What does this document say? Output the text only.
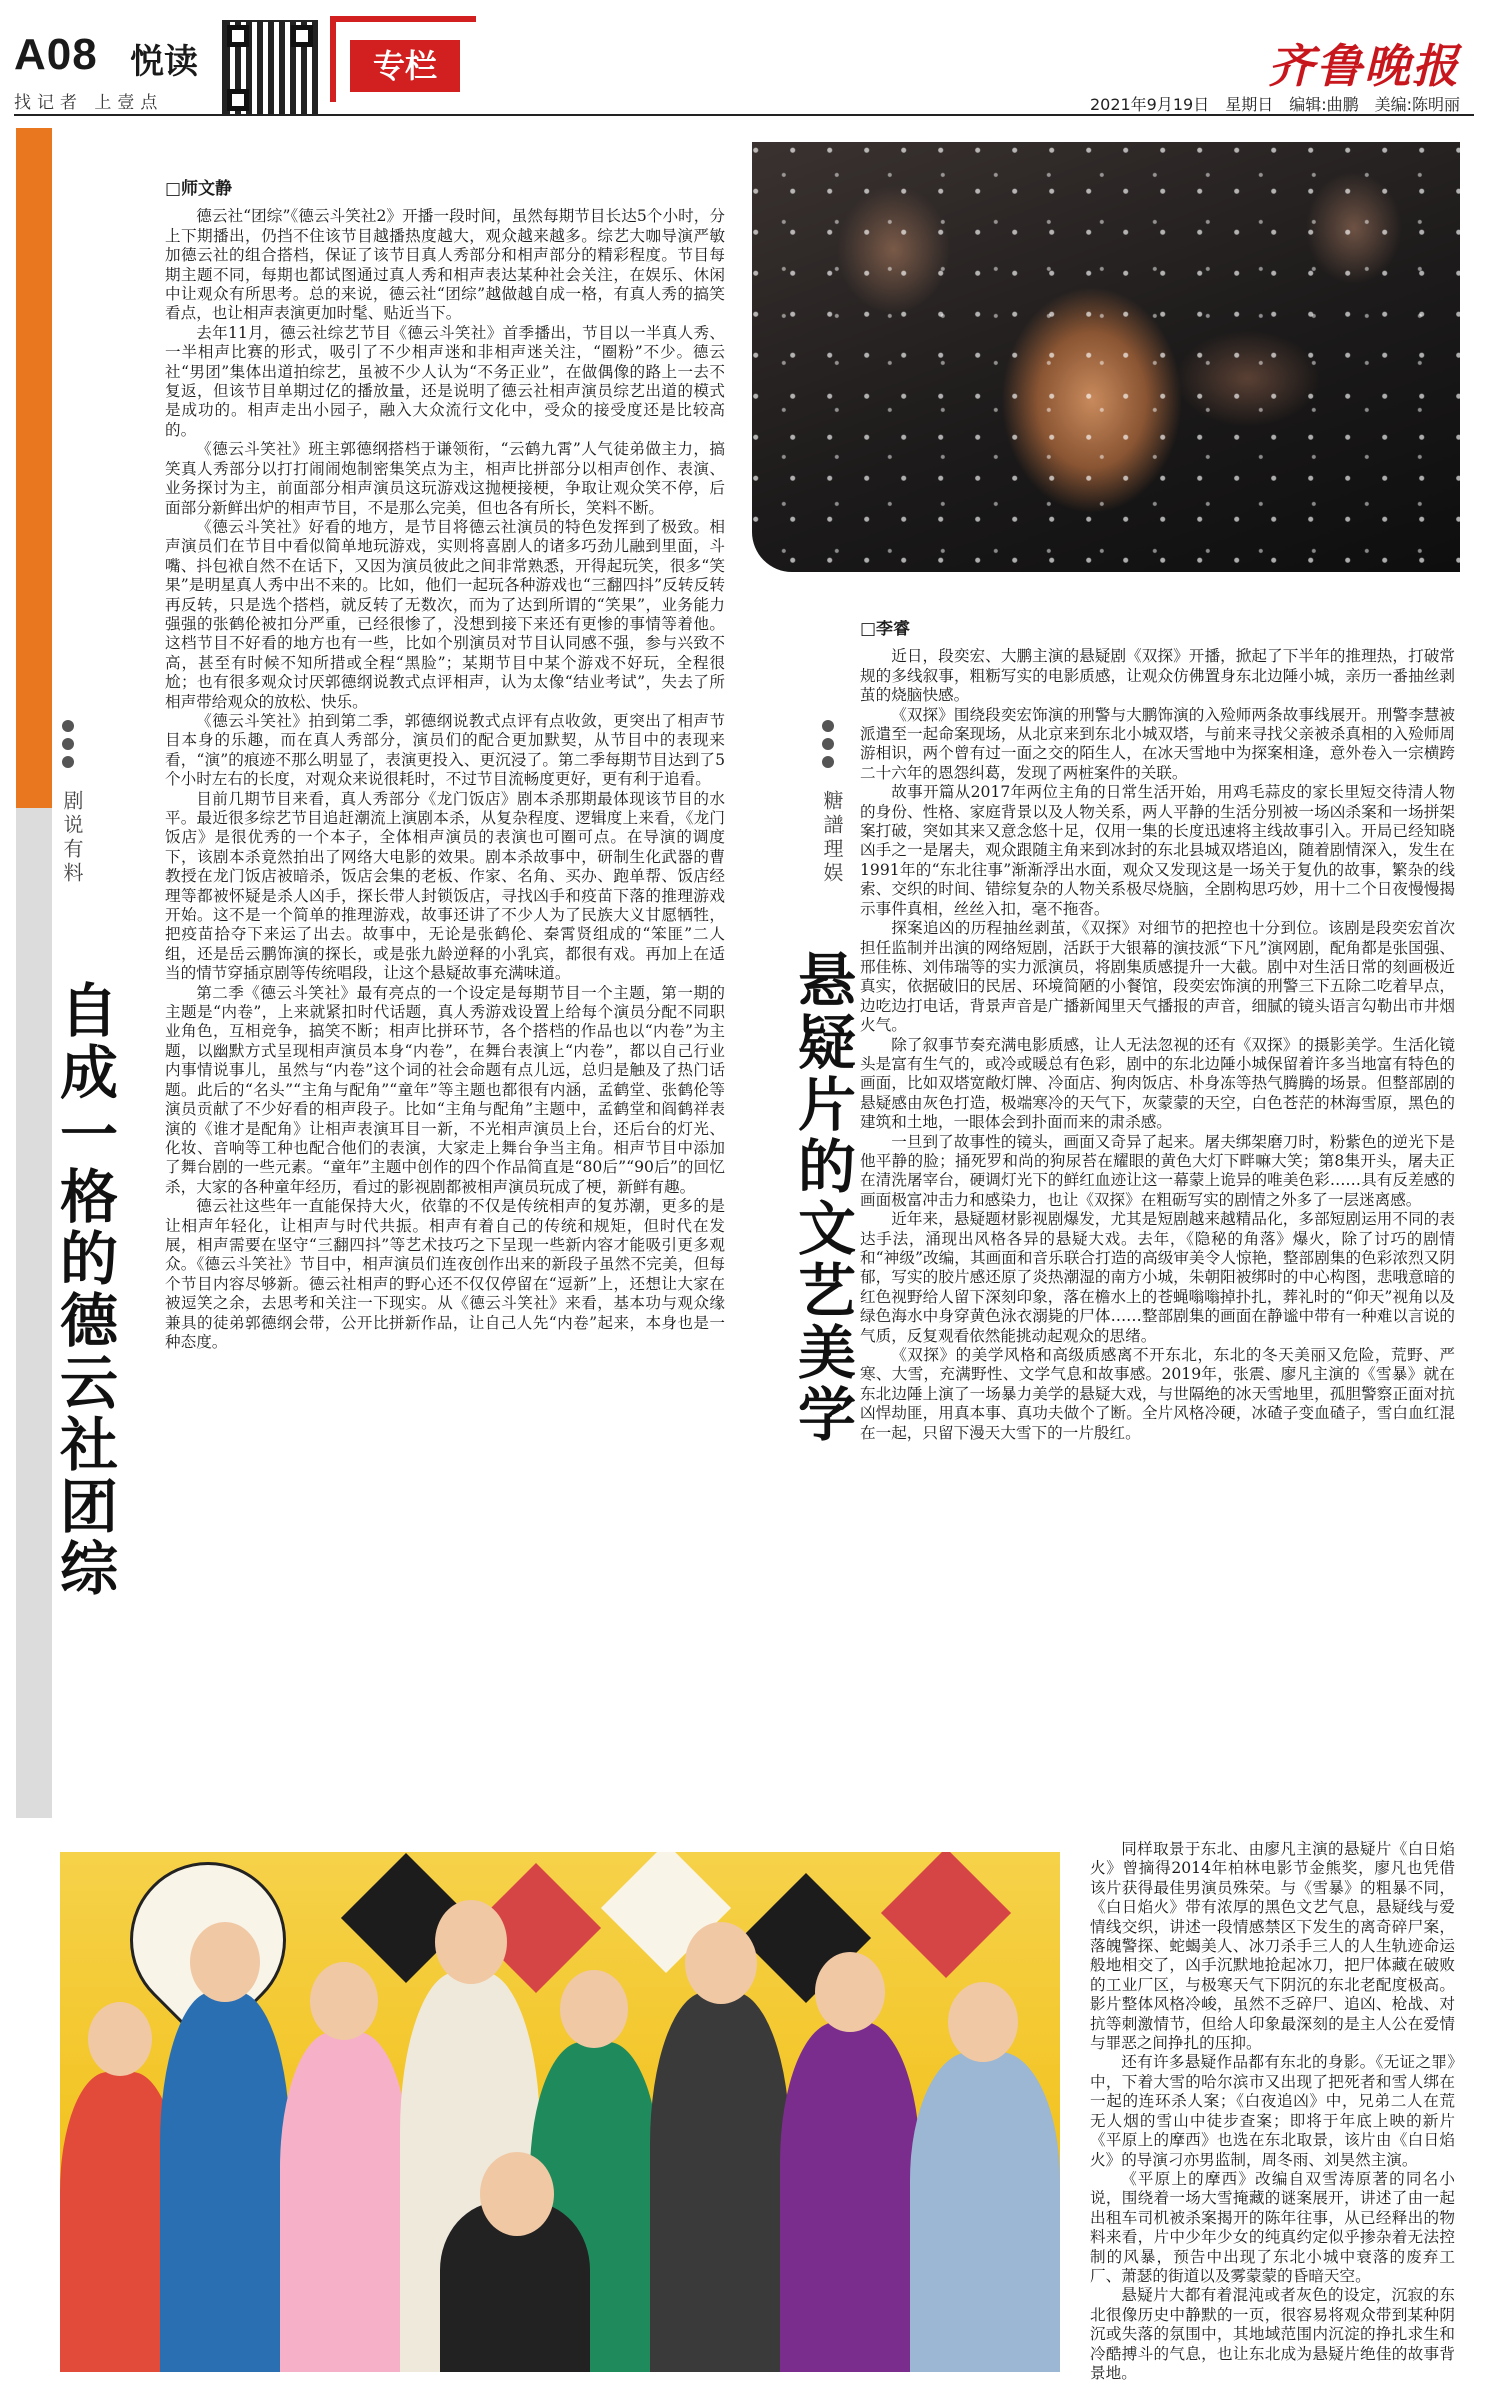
A08 悦读
找记者 上壹点
专栏	齐鲁晚报
2021年9月19日　星期日　编辑:曲鹏　美编:陈明丽
剧说有料
自成一格的德云社团综

□师文静

德云社“团综”《德云斗笑社2》开播一段时间，虽然每期节目长达5个小时，分上下期播出，仍挡不住该节目越播热度越大，观众越来越多。综艺大咖导演严敏加德云社的组合搭档，保证了该节目真人秀部分和相声部分的精彩程度。节目每期主题不同，每期也都试图通过真人秀和相声表达某种社会关注，在娱乐、休闲中让观众有所思考。总的来说，德云社“团综”越做越自成一格，有真人秀的搞笑看点，也让相声表演更加时髦、贴近当下。

去年11月，德云社综艺节目《德云斗笑社》首季播出，节目以一半真人秀、一半相声比赛的形式，吸引了不少相声迷和非相声迷关注，“圈粉”不少。德云社“男团”集体出道拍综艺，虽被不少人认为“不务正业”，在做偶像的路上一去不复返，但该节目单期过亿的播放量，还是说明了德云社相声演员综艺出道的模式是成功的。相声走出小园子，融入大众流行文化中，受众的接受度还是比较高的。

《德云斗笑社》班主郭德纲搭档于谦领衔，“云鹤九霄”人气徒弟做主力，搞笑真人秀部分以打打闹闹炮制密集笑点为主，相声比拼部分以相声创作、表演、业务探讨为主，前面部分相声演员这玩游戏这抛梗接梗，争取让观众笑不停，后面部分新鲜出炉的相声节目，不是那么完美，但也各有所长，笑料不断。

《德云斗笑社》好看的地方，是节目将德云社演员的特色发挥到了极致。相声演员们在节目中看似简单地玩游戏，实则将喜剧人的诸多巧劲儿融到里面，斗嘴、抖包袱自然不在话下，又因为演员彼此之间非常熟悉，开得起玩笑，很多“笑果”是明星真人秀中出不来的。比如，他们一起玩各种游戏也“三翻四抖”反转反转再反转，只是选个搭档，就反转了无数次，而为了达到所谓的“笑果”，业务能力强强的张鹤伦被扣分严重，已经很惨了，没想到接下来还有更惨的事情等着他。这档节目不好看的地方也有一些，比如个别演员对节目认同感不强，参与兴致不高，甚至有时候不知所措或全程“黑脸”；某期节目中某个游戏不好玩，全程很尬；也有很多观众讨厌郭德纲说教式点评相声，认为太像“结业考试”，失去了所相声带给观众的放松、快乐。

《德云斗笑社》拍到第二季，郭德纲说教式点评有点收敛，更突出了相声节目本身的乐趣，而在真人秀部分，演员们的配合更加默契，从节目中的表现来看，“演”的痕迹不那么明显了，表演更投入、更沉浸了。第二季每期节目达到了5个小时左右的长度，对观众来说很耗时，不过节目流畅度更好，更有利于追看。

目前几期节目来看，真人秀部分《龙门饭店》剧本杀那期最体现该节目的水平。最近很多综艺节目追赶潮流上演剧本杀，从复杂程度、逻辑度上来看，《龙门饭店》是很优秀的一个本子，全体相声演员的表演也可圈可点。在导演的调度下，该剧本杀竟然拍出了网络大电影的效果。剧本杀故事中，研制生化武器的曹教授在龙门饭店被暗杀，饭店会集的老板、作家、名角、买办、跑单帮、饭店经理等都被怀疑是杀人凶手，探长带人封锁饭店，寻找凶手和疫苗下落的推理游戏开始。这不是一个简单的推理游戏，故事还讲了不少人为了民族大义甘愿牺牲，把疫苗拾夺下来运了出去。故事中，无论是张鹤伦、秦霄贤组成的“笨匪”二人组，还是岳云鹏饰演的探长，或是张九龄逆释的小乳宾，都很有戏。再加上在适当的情节穿插京剧等传统唱段，让这个悬疑故事充满味道。

第二季《德云斗笑社》最有亮点的一个设定是每期节目一个主题，第一期的主题是“内卷”，上来就紧扣时代话题，真人秀游戏设置上给每个演员分配不同职业角色，互相竞争，搞笑不断；相声比拼环节，各个搭档的作品也以“内卷”为主题，以幽默方式呈现相声演员本身“内卷”，在舞台表演上“内卷”，都以自己行业内事情说事儿，虽然与“内卷”这个词的社会命题有点儿远，总归是触及了热门话题。此后的“名头”“主角与配角”“童年”等主题也都很有内涵，孟鹤堂、张鹤伦等演员贡献了不少好看的相声段子。比如“主角与配角”主题中，孟鹤堂和阎鹤祥表演的《谁才是配角》让相声表演耳目一新，不光相声演员上台，还后台的灯光、化妆、音响等工种也配合他们的表演，大家走上舞台争当主角。相声节目中添加了舞台剧的一些元素。“童年”主题中创作的四个作品简直是“80后”“90后”的回忆杀，大家的各种童年经历，看过的影视剧都被相声演员玩成了梗，新鲜有趣。

德云社这些年一直能保持大火，依靠的不仅是传统相声的复苏潮，更多的是让相声年轻化，让相声与时代共振。相声有着自己的传统和规矩，但时代在发展，相声需要在坚守“三翻四抖”等艺术技巧之下呈现一些新内容才能吸引更多观众。《德云斗笑社》节目中，相声演员们连夜创作出来的新段子虽然不完美，但每个节目内容尽够新。德云社相声的野心还不仅仅停留在“逗新”上，还想让大家在被逗笑之余，去思考和关注一下现实。从《德云斗笑社》来看，基本功与观众缘兼具的徒弟郭德纲会带，公开比拼新作品，让自己人先“内卷”起来，本身也是一种态度。

糖譜理娱
悬疑片的文艺美学

□李睿

近日，段奕宏、大鹏主演的悬疑剧《双探》开播，掀起了下半年的推理热，打破常规的多线叙事，粗粝写实的电影质感，让观众仿佛置身东北边陲小城，亲历一番抽丝剥茧的烧脑快感。

《双探》围绕段奕宏饰演的刑警与大鹏饰演的入殓师两条故事线展开。刑警李慧被派遣至一起命案现场，从北京来到东北小城双塔，与前来寻找父亲被杀真相的入殓师周游相识，两个曾有过一面之交的陌生人，在冰天雪地中为探案相逢，意外卷入一宗横跨二十六年的恩怨纠葛，发现了两桩案件的关联。

故事开篇从2017年两位主角的日常生活开始，用鸡毛蒜皮的家长里短交待清人物的身份、性格、家庭背景以及人物关系，两人平静的生活分别被一场凶杀案和一场拼架案打破，突如其来又意念悠十足，仅用一集的长度迅速将主线故事引入。开局已经知晓凶手之一是屠夫，观众跟随主角来到冰封的东北县城双塔追凶，随着剧情深入，发生在1991年的“东北往事”渐渐浮出水面，观众又发现这是一场关于复仇的故事，繁杂的线索、交织的时间、错综复杂的人物关系极尽烧脑，全剧构思巧妙，用十二个日夜慢慢揭示事件真相，丝丝入扣，毫不拖沓。

探案追凶的历程抽丝剥茧，《双探》对细节的把控也十分到位。该剧是段奕宏首次担任监制并出演的网络短剧，活跃于大银幕的演技派“下凡”演网剧，配角都是张国强、邢佳栋、刘伟瑞等的实力派演员，将剧集质感提升一大截。剧中对生活日常的刻画极近真实，依据破旧的民居、环境简陋的小餐馆，段奕宏饰演的刑警三下五除二吃着早点，边吃边打电话，背景声音是广播新闻里天气播报的声音，细腻的镜头语言勾勒出市井烟火气。

除了叙事节奏充满电影质感，让人无法忽视的还有《双探》的摄影美学。生活化镜头是富有生气的，或冷或暖总有色彩，剧中的东北边陲小城保留着许多当地富有特色的画面，比如双塔宽敞灯牌、冷面店、狗肉饭店、朴身冻等热气腾腾的场景。但整部剧的悬疑感由灰色打造，极端寒冷的天气下，灰蒙蒙的天空，白色苍茫的林海雪原，黑色的建筑和土地，一眼体会到扑面而来的肃杀感。

一旦到了故事性的镜头，画面又奇异了起来。屠夫绑架磨刀时，粉紫色的逆光下是他平静的脸；捅死罗和尚的狗尿苔在耀眼的黄色大灯下畔嘛大笑；第8集开头，屠夫正在清洗屠宰台，硬调灯光下的鲜红血迹让这一幕蒙上诡异的唯美色彩……具有反差感的画面极富冲击力和感染力，也让《双探》在粗砺写实的剧情之外多了一层迷离感。

近年来，悬疑题材影视剧爆发，尤其是短剧越来越精品化，多部短剧运用不同的表达手法，涌现出风格各异的悬疑大戏。去年，《隐秘的角落》爆火，除了讨巧的剧情和“神级”改编，其画面和音乐联合打造的高级审美令人惊艳，整部剧集的色彩浓烈又阴郁，写实的胶片感还原了炎热潮湿的南方小城，朱朝阳被绑时的中心构图，悲哦意暗的红色视野给人留下深刻印象，落在檐水上的苍蝇嗡嗡掉扑扎，葬礼时的“仰天”视角以及绿色海水中身穿黄色泳衣溺毙的尸体……整部剧集的画面在静谧中带有一种难以言说的气质，反复观看依然能挑动起观众的思绪。

《双探》的美学风格和高级质感离不开东北，东北的冬天美丽又危险，荒野、严寒、大雪，充满野性、文学气息和故事感。2019年，张震、廖凡主演的《雪暴》就在东北边陲上演了一场暴力美学的悬疑大戏，与世隔绝的冰天雪地里，孤胆警察正面对抗凶悍劫匪，用真本事、真功夫做个了断。全片风格冷硬，冰碴子变血碴子，雪白血红混在一起，只留下漫天大雪下的一片殷红。

同样取景于东北、由廖凡主演的悬疑片《白日焰火》曾摘得2014年柏林电影节金熊奖，廖凡也凭借该片获得最佳男演员殊荣。与《雪暴》的粗暴不同，《白日焰火》带有浓厚的黑色文艺气息，悬疑线与爱情线交织，讲述一段情感禁区下发生的离奇碎尸案，落魄警探、蛇蝎美人、冰刀杀手三人的人生轨迹命运般地相交了，凶手沉默地抢起冰刀，把尸体藏在破败的工业厂区，与极寒天气下阴沉的东北老配度极高。影片整体风格冷峻，虽然不乏碎尸、追凶、枪战、对抗等刺激情节，但给人印象最深刻的是主人公在爱情与罪恶之间挣扎的压抑。

还有许多悬疑作品都有东北的身影。《无证之罪》中，下着大雪的哈尔滨市又出现了把死者和雪人绑在一起的连环杀人案；《白夜追凶》中，兄弟二人在荒无人烟的雪山中徒步查案；即将于年底上映的新片《平原上的摩西》也选在东北取景，该片由《白日焰火》的导演刁亦男监制，周冬雨、刘昊然主演。

《平原上的摩西》改编自双雪涛原著的同名小说，围绕着一场大雪掩藏的谜案展开，讲述了由一起出租车司机被杀案揭开的陈年往事，从已经释出的物料来看，片中少年少女的纯真约定似乎掺杂着无法控制的风暴，预告中出现了东北小城中衰落的废弃工厂、萧瑟的街道以及雾蒙蒙的昏暗天空。

悬疑片大都有着混沌或者灰色的设定，沉寂的东北很像历史中静默的一页，很容易将观众带到某种阴沉或失落的氛围中，其地域范围内沉淀的挣扎求生和冷酷搏斗的气息，也让东北成为悬疑片绝佳的故事背景地。
